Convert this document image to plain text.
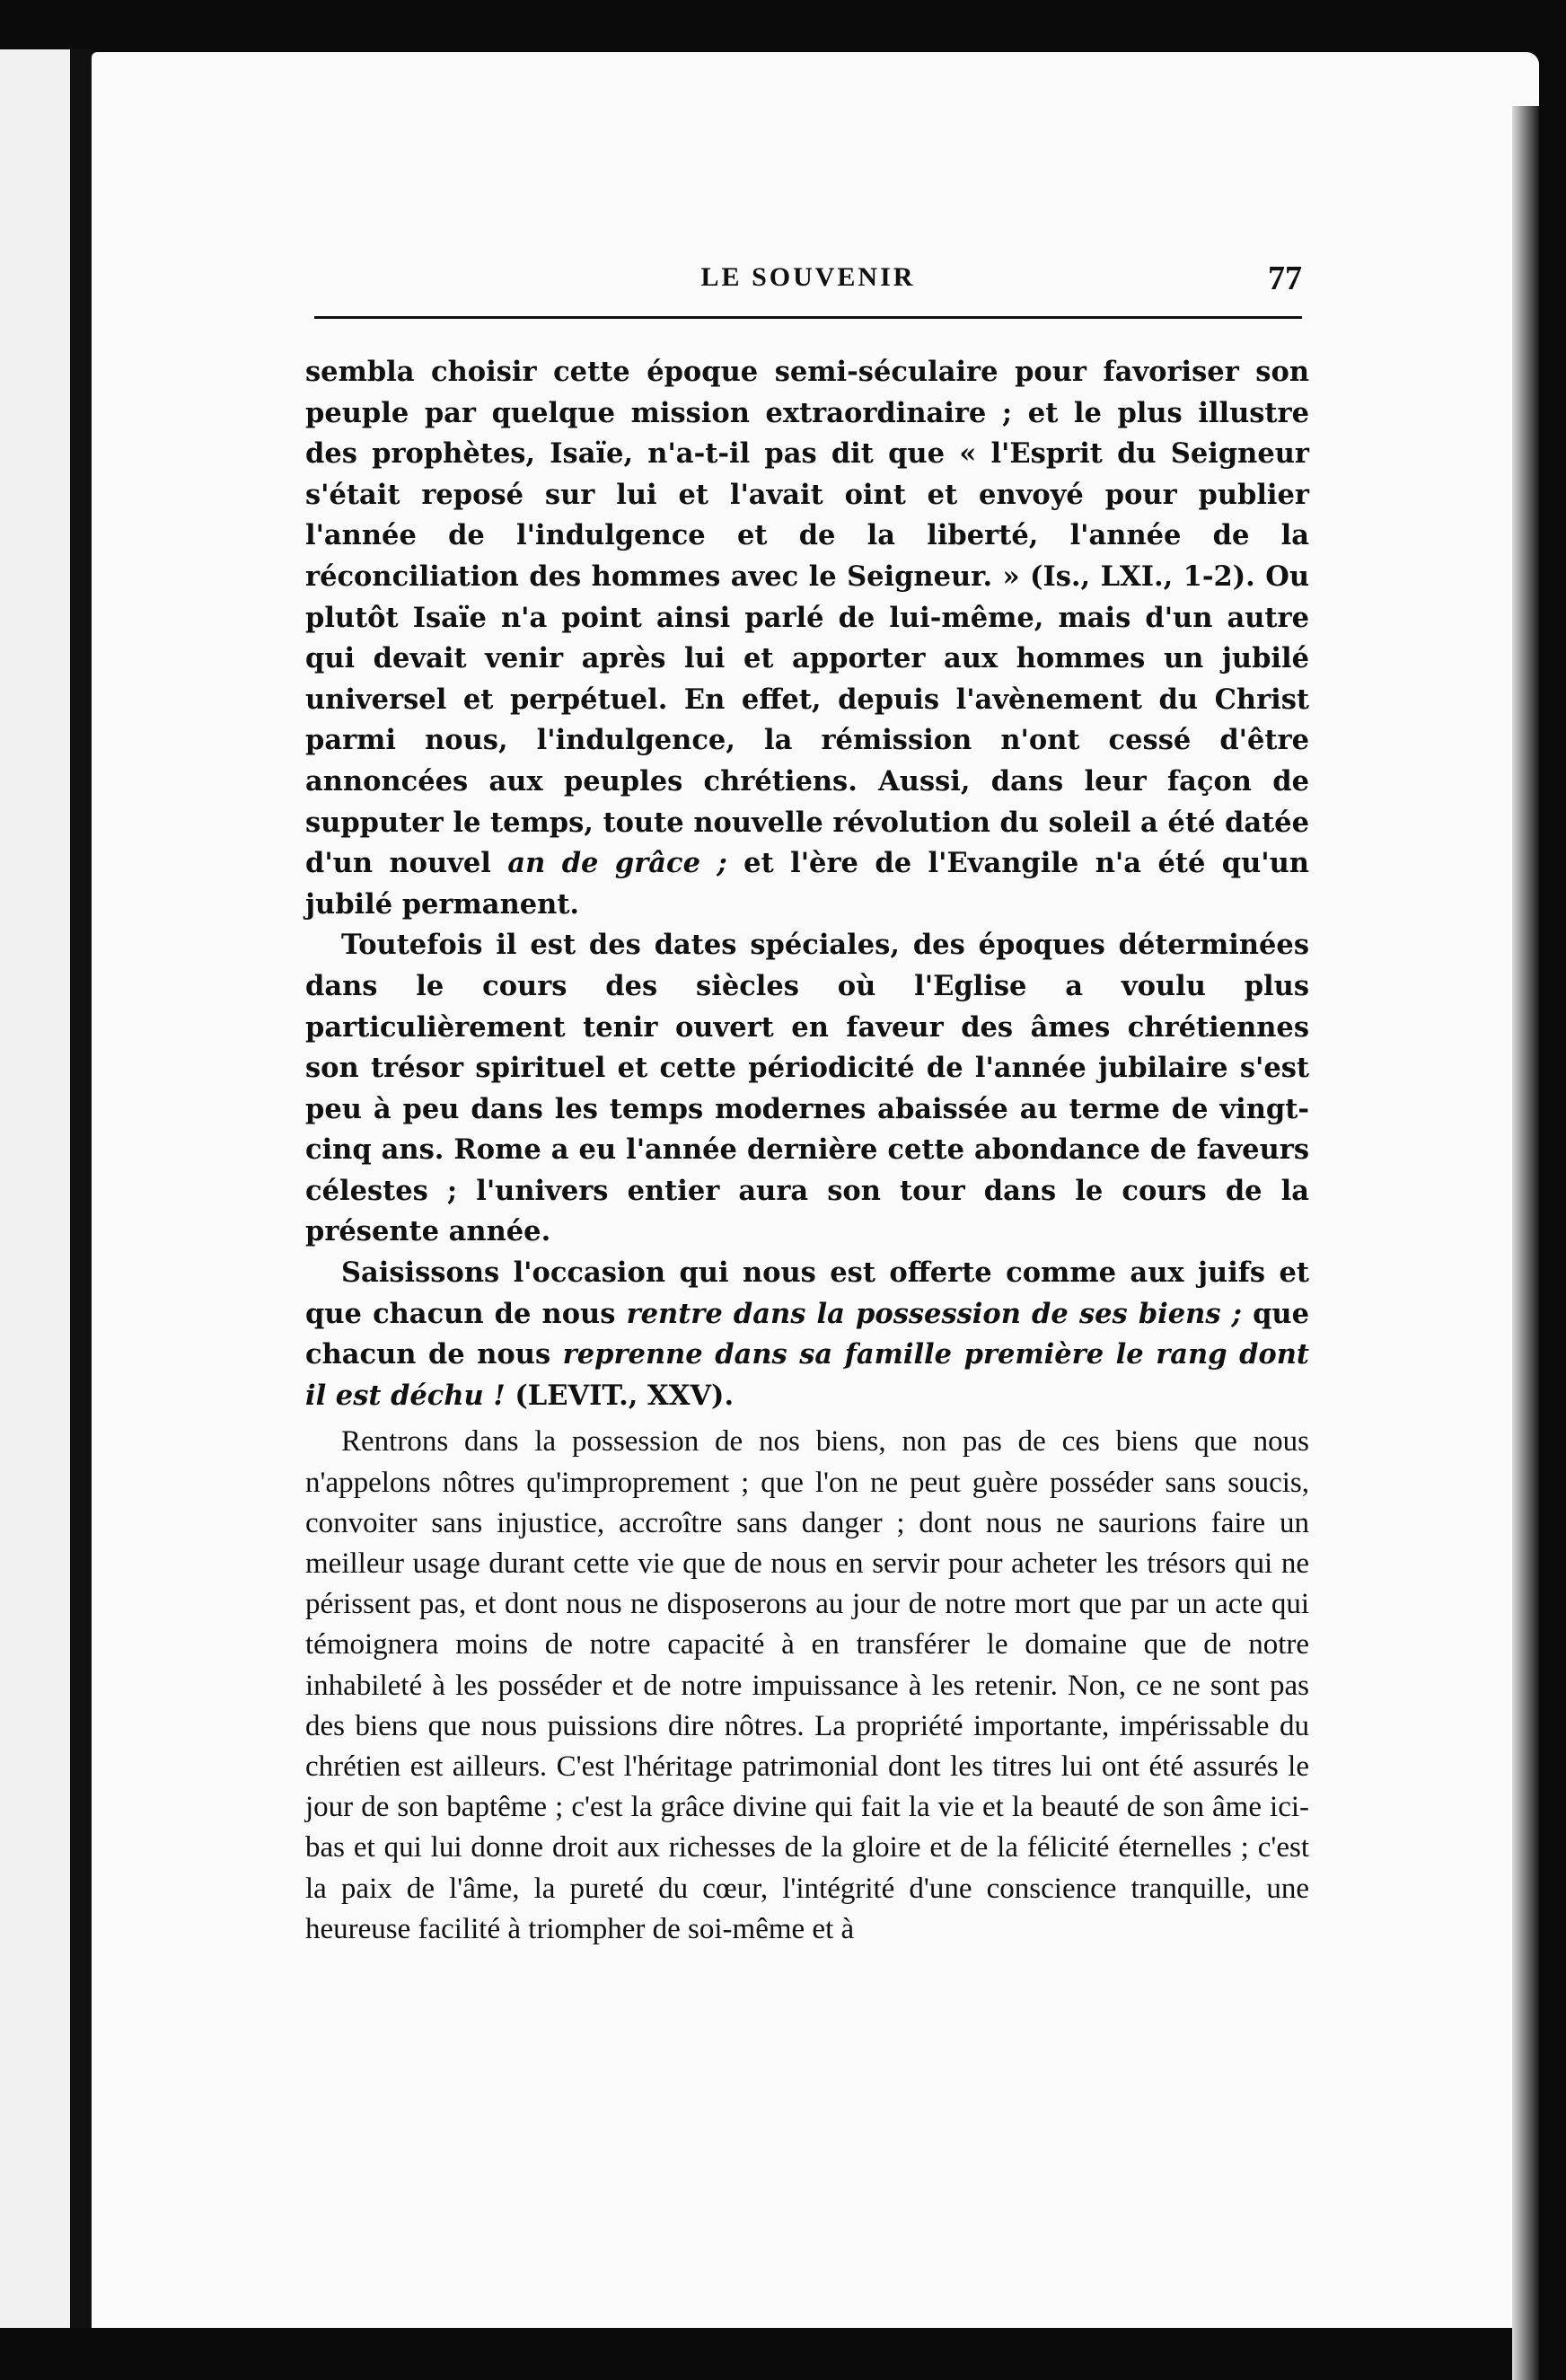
LE SOUVENIR	77

sembla choisir cette époque semi-séculaire pour favoriser son peuple par quelque mission extraordinaire ; et le plus illustre des prophètes, Isaïe, n'a-t-il pas dit que « l'Esprit du Seigneur s'était reposé sur lui et l'avait oint et envoyé pour publier l'année de l'indulgence et de la liberté, l'année de la réconciliation des hommes avec le Seigneur. » (Is., LXI., 1-2). Ou plutôt Isaïe n'a point ainsi parlé de lui-même, mais d'un autre qui devait venir après lui et apporter aux hommes un jubilé universel et perpétuel. En effet, depuis l'avènement du Christ parmi nous, l'indulgence, la rémission n'ont cessé d'être annoncées aux peuples chrétiens. Aussi, dans leur façon de supputer le temps, toute nouvelle révolution du soleil a été datée d'un nouvel an de grâce ; et l'ère de l'Evangile n'a été qu'un jubilé permanent.

Toutefois il est des dates spéciales, des époques déterminées dans le cours des siècles où l'Eglise a voulu plus particulièrement tenir ouvert en faveur des âmes chrétiennes son trésor spirituel et cette périodicité de l'année jubilaire s'est peu à peu dans les temps modernes abaissée au terme de vingt-cinq ans. Rome a eu l'année dernière cette abondance de faveurs célestes ; l'univers entier aura son tour dans le cours de la présente année.

Saisissons l'occasion qui nous est offerte comme aux juifs et que chacun de nous rentre dans la possession de ses biens ; que chacun de nous reprenne dans sa famille première le rang dont il est déchu ! (LEVIT., XXV).

Rentrons dans la possession de nos biens, non pas de ces biens que nous n'appelons nôtres qu'improprement ; que l'on ne peut guère posséder sans soucis, convoiter sans injustice, accroître sans danger ; dont nous ne saurions faire un meilleur usage durant cette vie que de nous en servir pour acheter les trésors qui ne périssent pas, et dont nous ne disposerons au jour de notre mort que par un acte qui témoignera moins de notre capacité à en transférer le domaine que de notre inhabileté à les posséder et de notre impuissance à les retenir. Non, ce ne sont pas des biens que nous puissions dire nôtres. La propriété importante, impérissable du chrétien est ailleurs. C'est l'héritage patrimonial dont les titres lui ont été assurés le jour de son baptême ; c'est la grâce divine qui fait la vie et la beauté de son âme ici-bas et qui lui donne droit aux richesses de la gloire et de la félicité éternelles ; c'est la paix de l'âme, la pureté du cœur, l'intégrité d'une conscience tranquille, une heureuse facilité à triompher de soi-même et à
